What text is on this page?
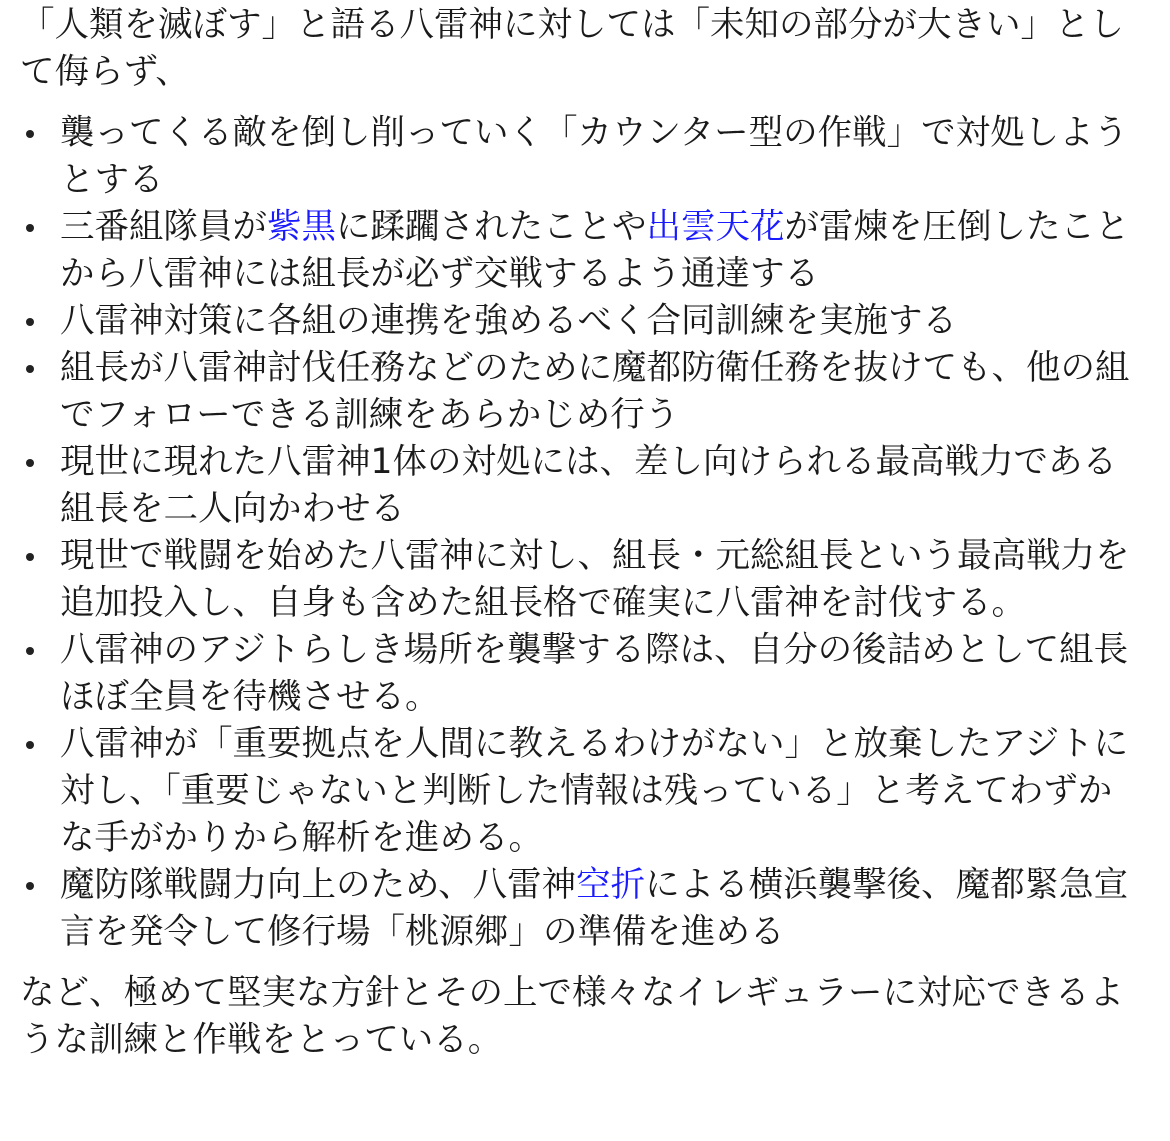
「人類を滅ぼす」と語る八雷神に対しては「未知の部分が大きい」として侮らず、

襲ってくる敵を倒し削っていく「カウンター型の作戦」で対処しようとする
三番組隊員が紫黒に蹂躙されたことや出雲天花が雷煉を圧倒したことから八雷神には組長が必ず交戦するよう通達する
八雷神対策に各組の連携を強めるべく合同訓練を実施する
組長が八雷神討伐任務などのために魔都防衛任務を抜けても、他の組でフォローできる訓練をあらかじめ行う
現世に現れた八雷神1体の対処には、差し向けられる最高戦力である組長を二人向かわせる
現世で戦闘を始めた八雷神に対し、組長・元総組長という最高戦力を追加投入し、自身も含めた組長格で確実に八雷神を討伐する。
八雷神のアジトらしき場所を襲撃する際は、自分の後詰めとして組長ほぼ全員を待機させる。
八雷神が「重要拠点を人間に教えるわけがない」と放棄したアジトに対し、「重要じゃないと判断した情報は残っている」と考えてわずかな手がかりから解析を進める。
魔防隊戦闘力向上のため、八雷神空折による横浜襲撃後、魔都緊急宣言を発令して修行場「桃源郷」の準備を進める

など、極めて堅実な方針とその上で様々なイレギュラーに対応できるような訓練と作戦をとっている。
